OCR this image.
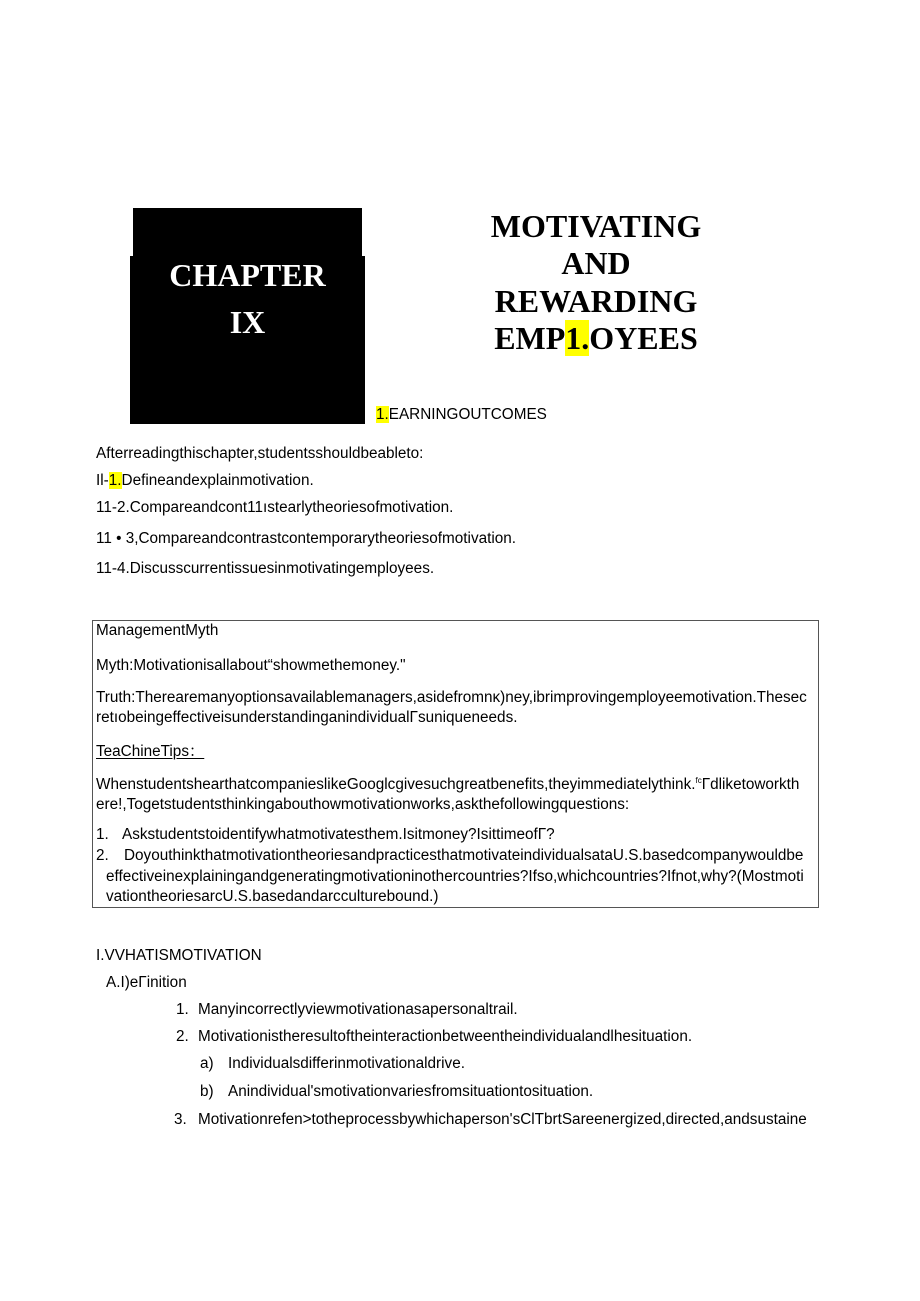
CHAPTER
IX
MOTIVATING
AND
REWARDING
EMP1.OYEES
1.EARNINGOUTCOMES
Afterreadingthischapter,studentsshouldbeableto:
Il-1.Defineandexplainmotivation.
11-2.Compareandcont11ıstearlytheoriesofmotivation.
11 • 3,Compareandcontrastcontemporarytheoriesofmotivation.
11-4.Discusscurrentissuesinmotivatingemployees.
ManagementMyth
Myth:Motivationisallabout“showmethemoney."
Truth:Therearemanyoptionsavailablemanagers,asidefromnκ)ney,ibrimprovingemployeemotivation.Thesec
retıobeingeffectiveisunderstandinganindividualΓsuniqueneeds.
TeaChineTips：
WhenstudentshearthatcompanieslikeGooglcgivesuchgreatbenefits,theyimmediatelythink.$^{fc}$Γdliketoworkth
ere!,Togetstudentsthinkingabouthowmotivationworks,askthefollowingquestions:
1. Askstudentstoidentifywhatmotivatesthem.Isitmoney?IsittimeofΓ?
2. DoyouthinkthatmotivationtheoriesandpracticesthatmotivateindividualsataU.S.basedcompanywouldbe
effectiveinexplainingandgeneratingmotivationinothercountries?Ifso,whichcountries?Ifnot,why?(Mostmoti
vationtheoriesarcU.S.basedandarcculturebound.)
I.VVHATISMOTIVATION
A.I)eΓinition
1. Manyincorrectlyviewmotivationasapersonaltrail.
2. Motivationistheresultoftheinteractionbetweentheindividualandlhesituation.
a) Individualsdifferinmotivationaldrive.
b) Anindividual'smotivationvariesfromsituationtosituation.
3. Motivationrefen>totheprocessbywhichaperson'sClTbrtSareenergized,directed,andsustaine
